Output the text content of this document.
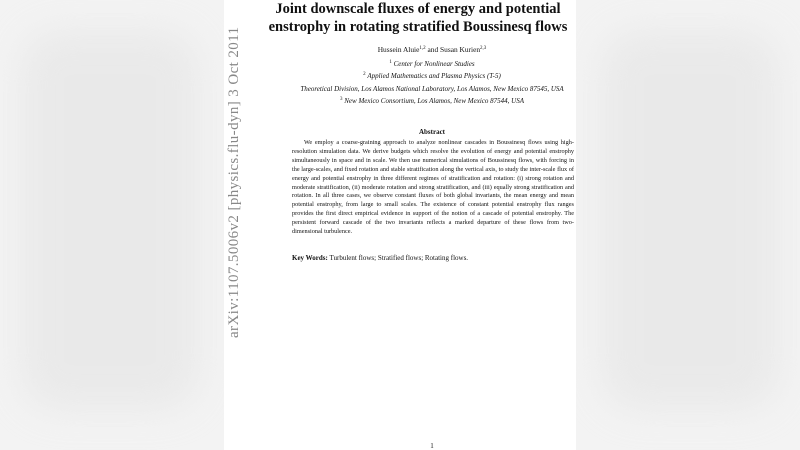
Joint downscale fluxes of energy and potential
enstrophy in rotating stratified Boussinesq flows
Hussein Aluie$^{1,2}$ and Susan Kurien$^{2,3}$
$^1$ Center for Nonlinear Studies
$^2$ Applied Mathematics and Plasma Physics (T-5)
Theoretical Division, Los Alamos National Laboratory, Los Alamos, New Mexico 87545, USA
$^3$ New Mexico Consortium, Los Alamos, New Mexico 87544, USA
Abstract
We employ a coarse-graining approach to analyze nonlinear cascades in Boussinesq flows using high-resolution simulation data. We derive budgets which resolve the evolution of energy and potential enstrophy simultaneously in space and in scale. We then use numerical simulations of Boussinesq flows, with forcing in the large-scales, and fixed rotation and stable stratification along the vertical axis, to study the inter-scale flux of energy and potential enstrophy in three different regimes of stratification and rotation: (i) strong rotation and moderate stratification, (ii) moderate rotation and strong stratification, and (iii) equally strong stratification and rotation. In all three cases, we observe constant fluxes of both global invariants, the mean energy and mean potential enstrophy, from large to small scales. The existence of constant potential enstrophy flux ranges provides the first direct empirical evidence in support of the notion of a cascade of potential enstrophy. The persistent forward cascade of the two invariants reflects a marked departure of these flows from two-dimensional turbulence.
Key Words: Turbulent flows; Stratified flows; Rotating flows.
1
arXiv:1107.5006v2 [physics.flu-dyn] 3 Oct 2011
